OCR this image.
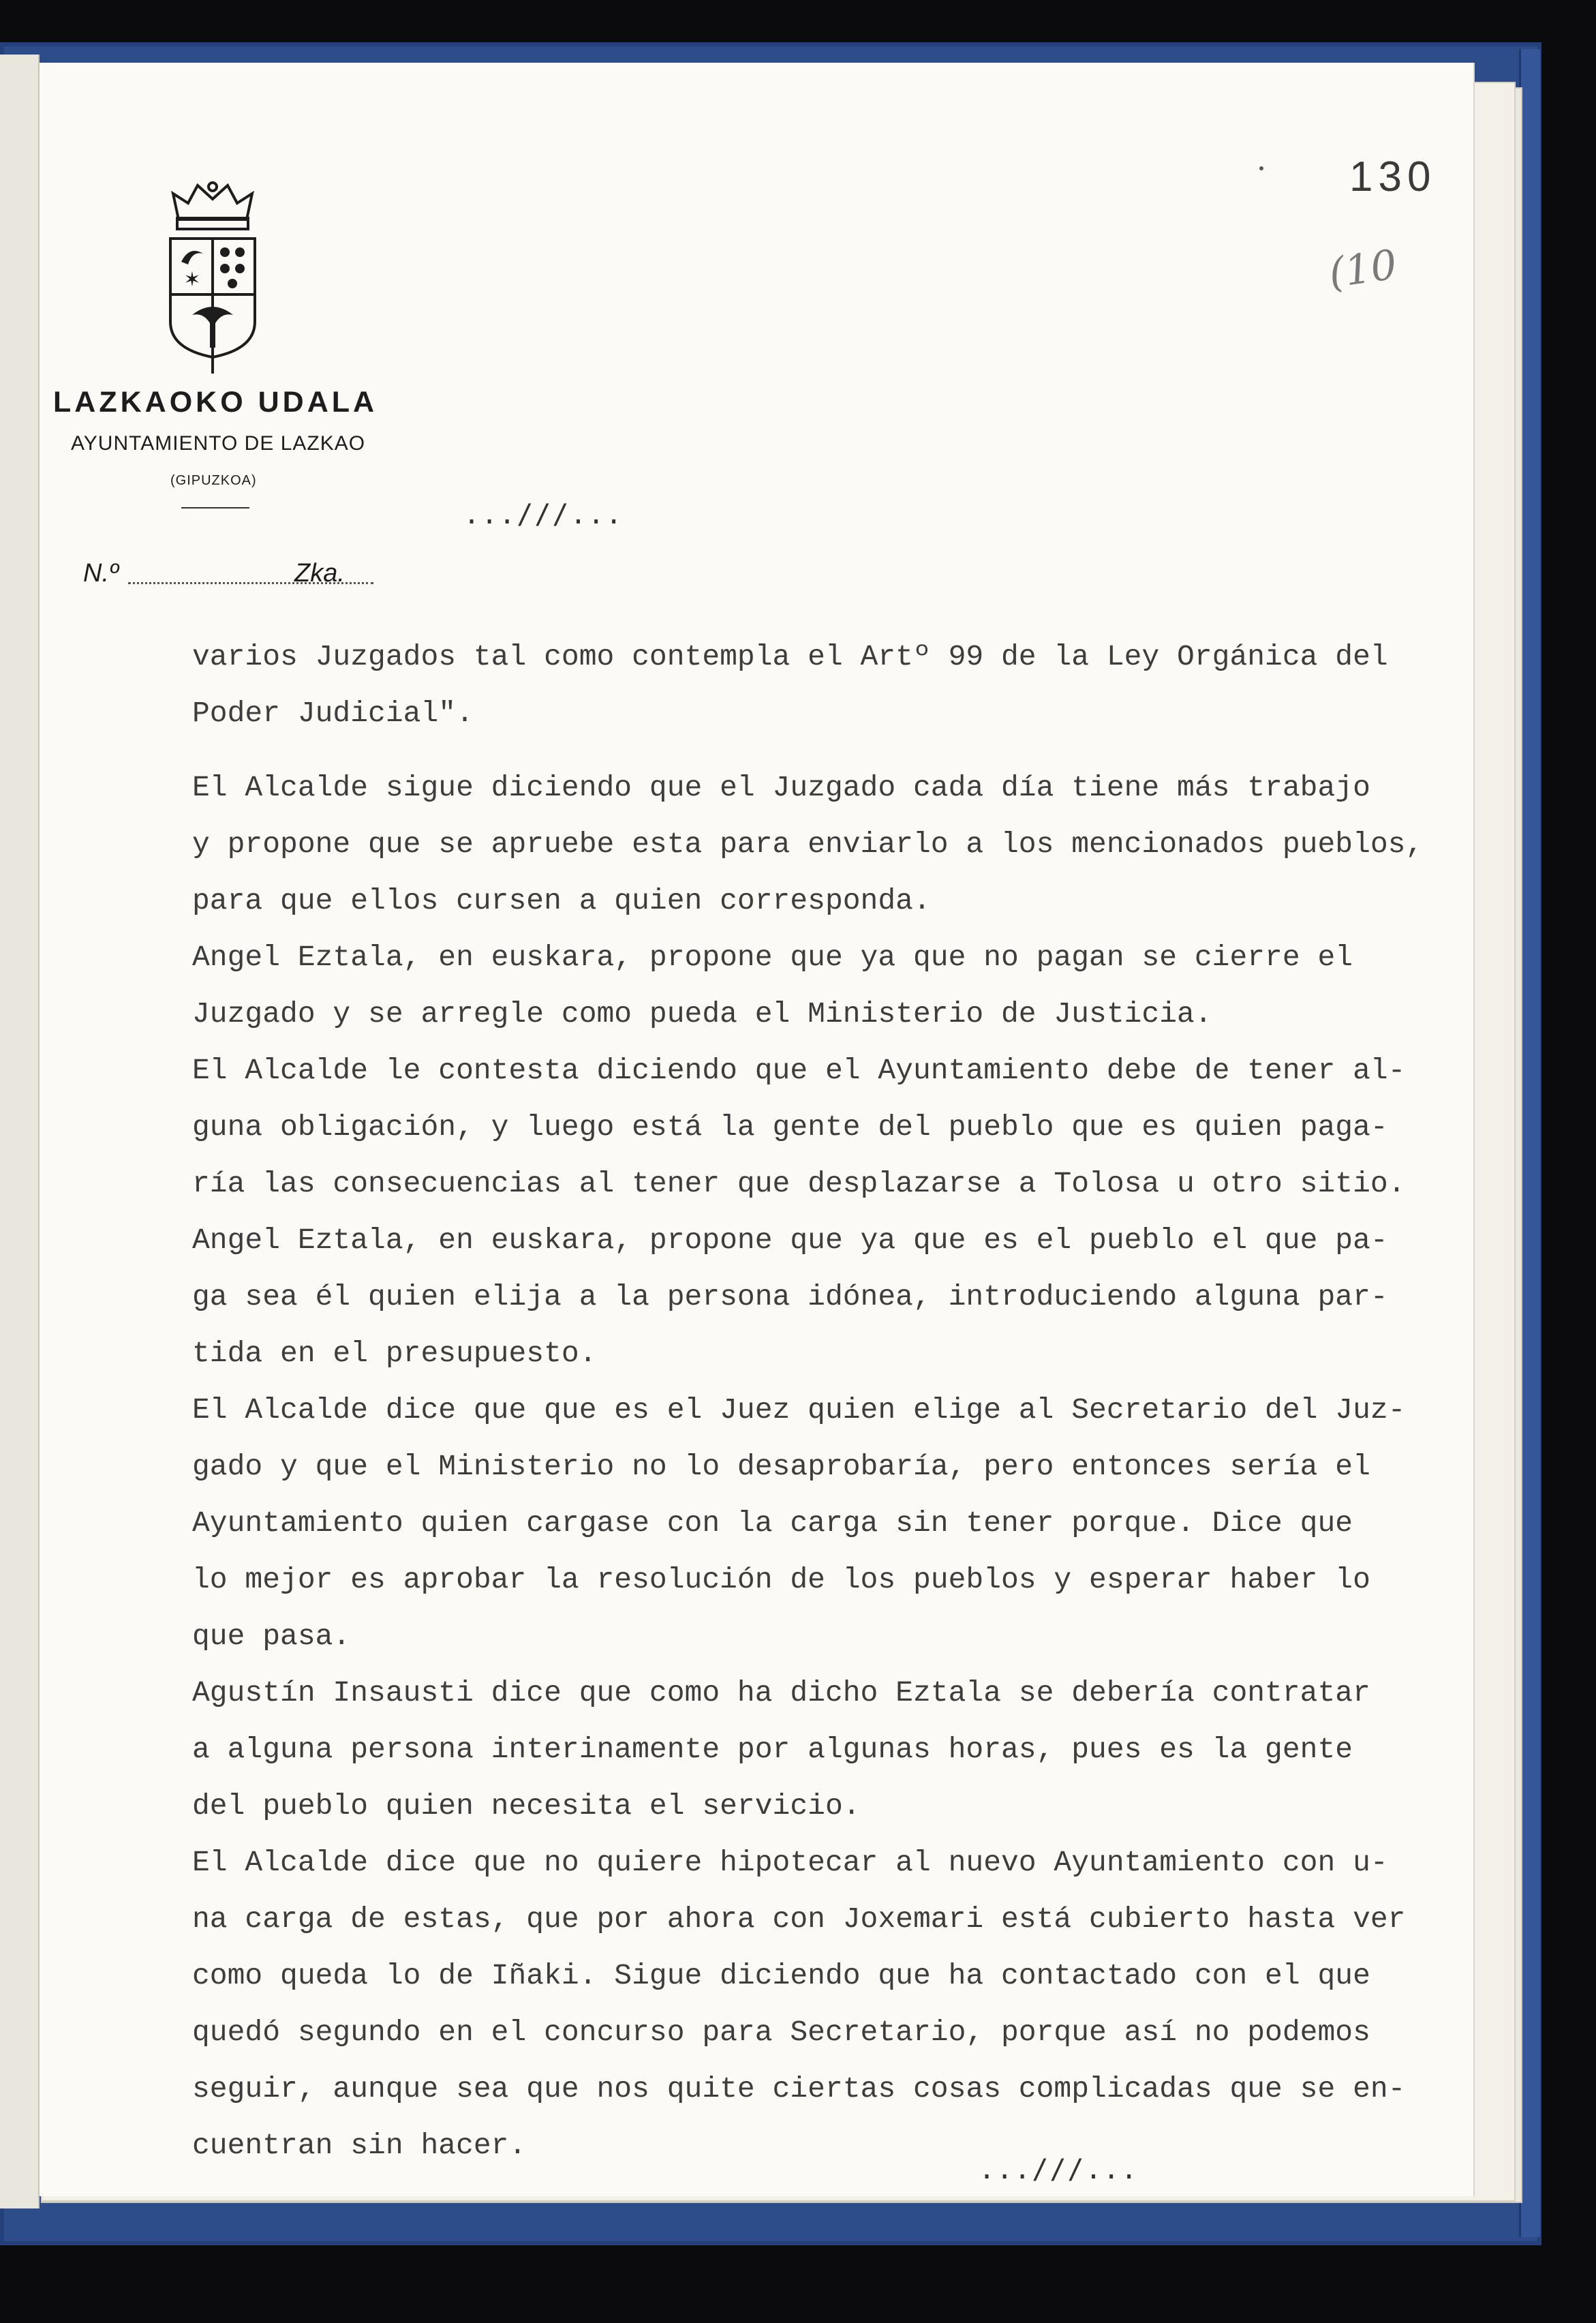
130
(10
✶
LAZKAOKO UDALA
AYUNTAMIENTO DE LAZKAO
(GIPUZKOA)
N.º	Zka.
...///...
varios Juzgados tal como contempla el Artº 99 de la Ley Orgánica del
Poder Judicial".
El Alcalde sigue diciendo que el Juzgado cada día tiene más trabajo
y propone que se apruebe esta para enviarlo a los mencionados pueblos,
para que ellos cursen a quien corresponda.
Angel Eztala, en euskara, propone que ya que no pagan se cierre el
Juzgado y se arregle como pueda el Ministerio de Justicia.
El Alcalde le contesta diciendo que el Ayuntamiento debe de tener al-
guna obligación, y luego está la gente del pueblo que es quien paga-
ría las consecuencias al tener que desplazarse a Tolosa u otro sitio.
Angel Eztala, en euskara, propone que ya que es el pueblo el que pa-
ga sea él quien elija a la persona idónea, introduciendo alguna par-
tida en el presupuesto.
El Alcalde dice que que es el Juez quien elige al Secretario del Juz-
gado y que el Ministerio no lo desaprobaría, pero entonces sería el
Ayuntamiento quien cargase con la carga sin tener porque. Dice que
lo mejor es aprobar la resolución de los pueblos y esperar haber lo
que pasa.
Agustín Insausti dice que como ha dicho Eztala se debería contratar
a alguna persona interinamente por algunas horas, pues es la gente
del pueblo quien necesita el servicio.
El Alcalde dice que no quiere hipotecar al nuevo Ayuntamiento con u-
na carga de estas, que por ahora con Joxemari está cubierto hasta ver
como queda lo de Iñaki. Sigue diciendo que ha contactado con el que
quedó segundo en el concurso para Secretario, porque así no podemos
seguir, aunque sea que nos quite ciertas cosas complicadas que se en-
cuentran sin hacer.
...///...
